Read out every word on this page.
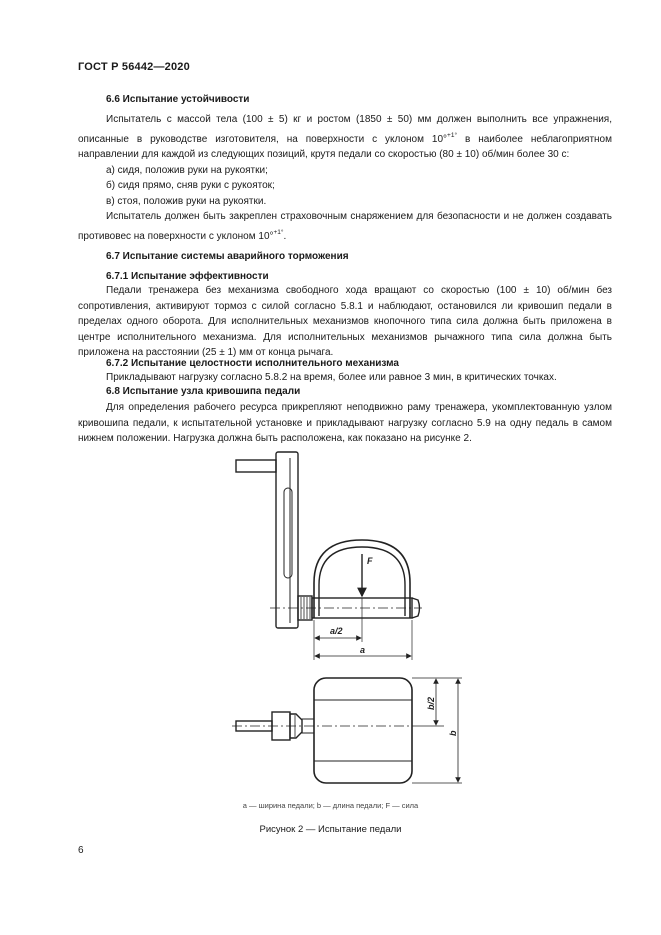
ГОСТ Р 56442—2020
6.6 Испытание устойчивости

Испытатель с массой тела (100 ± 5) кг и ростом (1850 ± 50) мм должен выполнить все упражнения, описанные в руководстве изготовителя, на поверхности с уклоном 10°$^{+1^\circ}$ в наиболее неблагоприятном направлении для каждой из следующих позиций, крутя педали со скоростью (80 ± 10) об/мин более 30 с:

а) сидя, положив руки на рукоятки;

б) сидя прямо, сняв руки с рукояток;

в) стоя, положив руки на рукоятки.

Испытатель должен быть закреплен страховочным снаряжением для безопасности и не должен создавать противовес на поверхности с уклоном 10°$^{+1^\circ}$.

6.7 Испытание системы аварийного торможения
6.7.1 Испытание эффективности

Педали тренажера без механизма свободного хода вращают со скоростью (100 ± 10) об/мин без сопротивления, активируют тормоз с силой согласно 5.8.1 и наблюдают, остановился ли кривошип педали в пределах одного оборота. Для исполнительных механизмов кнопочного типа сила должна быть приложена в центре исполнительного механизма. Для исполнительных механизмов рычажного типа сила должна быть приложена на расстоянии (25 ± 1) мм от конца рычага.

6.7.2 Испытание целостности исполнительного механизма

Прикладывают нагрузку согласно 5.8.2 на время, более или равное 3 мин, в критических точках.

6.8 Испытание узла кривошипа педали

Для определения рабочего ресурса прикрепляют неподвижно раму тренажера, укомплектованную узлом кривошипа педали, к испытательной установке и прикладывают нагрузку согласно 5.9 на одну педаль в самом нижнем положении. Нагрузка должна быть расположена, как показано на рисунке 2.

F
a/2
a
b/2
b
a — ширина педали; b — длина педали; F — сила
Рисунок 2 — Испытание педали
6
